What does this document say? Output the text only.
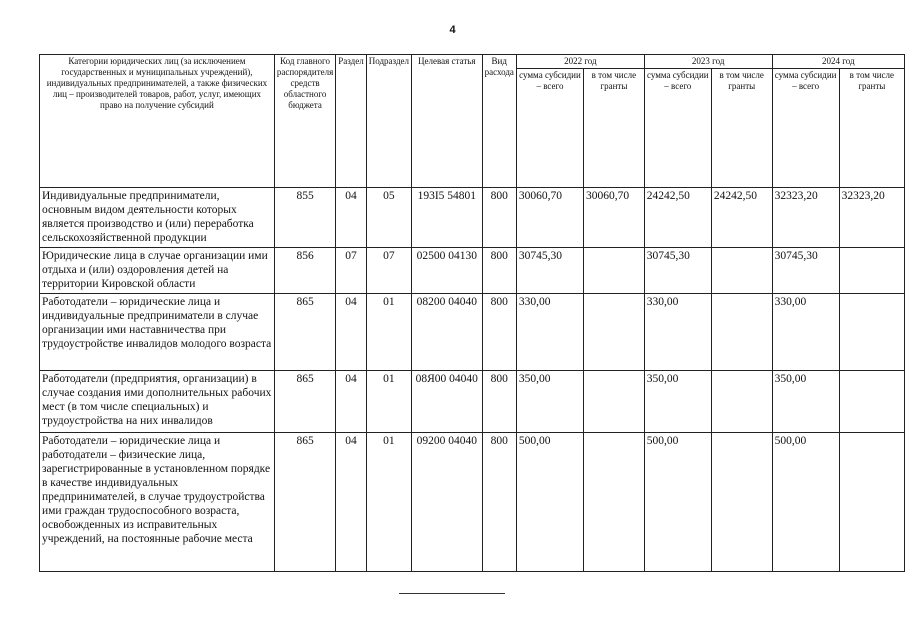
4
Категории юридических лиц (за исключением государственных и муниципальных учреждений), индивидуальных предпринимателей, а также физических лиц – производителей товаров, работ, услуг, имеющих право на получение субсидий	Код главного распорядителя средств областного бюджета	Раздел	Подраздел	Целевая статья	Вид расхода	2022 год		2023 год		2024 год	
						сумма субсидии – всего	в том числе гранты	сумма субсидии – всего	в том числе гранты	сумма субсидии – всего	в том числе гранты
Индивидуальные предприниматели, основным видом деятельности которых является производство и (или) переработка сельскохозяйственной продукции	855	04	05	193I5 54801	800	30060,70	30060,70	24242,50	24242,50	32323,20	32323,20
Юридические лица в случае организации ими отдыха и (или) оздоровления детей на территории Кировской области	856	07	07	02500 04130	800	30745,30		30745,30		30745,30	
Работодатели – юридические лица и индивидуальные предприниматели в случае организации ими наставничества при трудоустройстве инвалидов молодого возраста	865	04	01	08200 04040	800	330,00		330,00		330,00	
Работодатели (предприятия, организации) в случае создания ими дополнительных рабочих мест (в том числе специальных) и трудоустройства на них инвалидов	865	04	01	08Я00 04040	800	350,00		350,00		350,00	
Работодатели – юридические лица и работодатели – физические лица, зарегистрированные в установленном порядке в качестве индивидуальных предпринимателей, в случае трудоустройства ими граждан трудоспособного возраста, освобожденных из исправительных учреждений, на постоянные рабочие места	865	04	01	09200 04040	800	500,00		500,00		500,00	
